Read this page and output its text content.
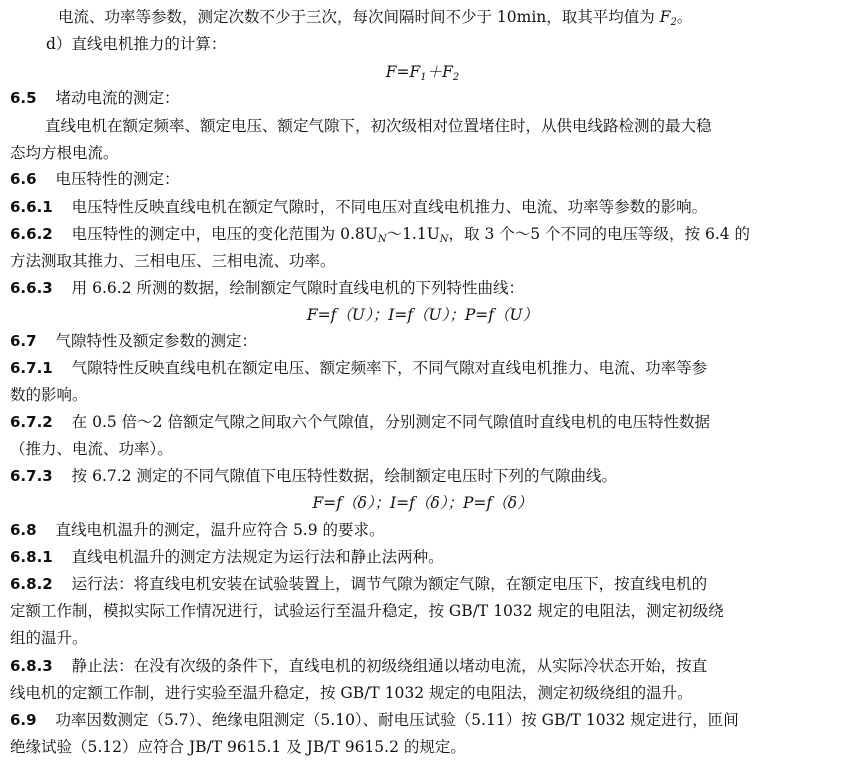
电流、功率等参数，测定次数不少于三次，每次间隔时间不少于 10min，取其平均值为 $F_2$。
d）直线电机推力的计算：
$F=F_1+F_2$
6.5 堵动电流的测定：
直线电机在额定频率、额定电压、额定气隙下，初次级相对位置堵住时，从供电线路检测的最大稳
态均方根电流。
6.6 电压特性的测定：
6.6.1 电压特性反映直线电机在额定气隙时，不同电压对直线电机推力、电流、功率等参数的影响。
6.6.2 电压特性的测定中，电压的变化范围为 $0.8U_N\sim 1.1U_N$，取 3 个～5 个不同的电压等级，按 6.4 的
方法测取其推力、三相电压、三相电流、功率。
6.6.3 用 6.6.2 所测的数据，绘制额定气隙时直线电机的下列特性曲线：
F=f（U）；I=f（U）；P=f（U）
6.7 气隙特性及额定参数的测定：
6.7.1 气隙特性反映直线电机在额定电压、额定频率下，不同气隙对直线电机推力、电流、功率等参
数的影响。
6.7.2 在 0.5 倍～2 倍额定气隙之间取六个气隙值，分别测定不同气隙值时直线电机的电压特性数据
（推力、电流、功率）。
6.7.3 按 6.7.2 测定的不同气隙值下电压特性数据，绘制额定电压时下列的气隙曲线。
F=f（δ）；I=f（δ）；P=f（δ）
6.8 直线电机温升的测定，温升应符合 5.9 的要求。
6.8.1 直线电机温升的测定方法规定为运行法和静止法两种。
6.8.2 运行法：将直线电机安装在试验装置上，调节气隙为额定气隙，在额定电压下，按直线电机的
定额工作制，模拟实际工作情况进行，试验运行至温升稳定，按 GB/T 1032 规定的电阻法，测定初级绕
组的温升。
6.8.3 静止法：在没有次级的条件下，直线电机的初级绕组通以堵动电流，从实际冷状态开始，按直
线电机的定额工作制，进行实验至温升稳定，按 GB/T 1032 规定的电阻法，测定初级绕组的温升。
6.9 功率因数测定（5.7）、绝缘电阻测定（5.10）、耐电压试验（5.11）按 GB/T 1032 规定进行，匝间
绝缘试验（5.12）应符合 JB/T 9615.1 及 JB/T 9615.2 的规定。
